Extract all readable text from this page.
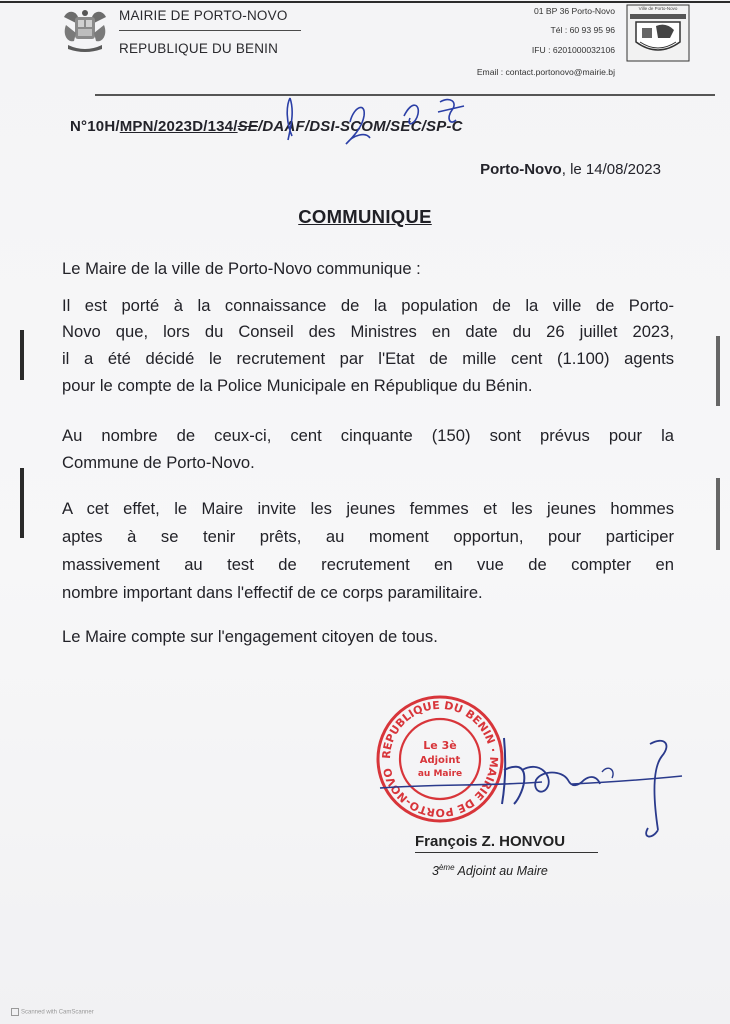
MAIRIE DE PORTO-NOVO
REPUBLIQUE DU BENIN
01 BP 36 Porto-Novo
Tél : 60 93 95 96
IFU : 6201000032106
Email : contact.portonovo@mairie.bj
Ville de Porto-Novo
N°10H/MPN/2023D/134/SE/DAAF/DSI-SCOM/SEC/SP-C
Porto-Novo, le 14/08/2023
COMMUNIQUE
Le Maire de la ville de Porto-Novo communique :
Il est porté à la connaissance de la population de la ville de Porto-
Novo que, lors du Conseil des Ministres en date du 26 juillet 2023,
il a été décidé le recrutement par l'Etat de mille cent (1.100) agents
pour le compte de la Police Municipale en République du Bénin.
Au nombre de ceux-ci, cent cinquante (150) sont prévus pour la
Commune de Porto-Novo.
A cet effet, le Maire invite les jeunes femmes et les jeunes hommes
aptes à se tenir prêts, au moment opportun, pour participer
massivement au test de recrutement en vue de compter en
nombre important dans l'effectif de ce corps paramilitaire.
Le Maire compte sur l'engagement citoyen de tous.
REPUBLIQUE DU BENIN · MAIRIE DE PORTO-NOVO
Le 3è
Adjoint
au Maire
François Z. HONVOU
3ème Adjoint au Maire
Scanned with CamScanner
